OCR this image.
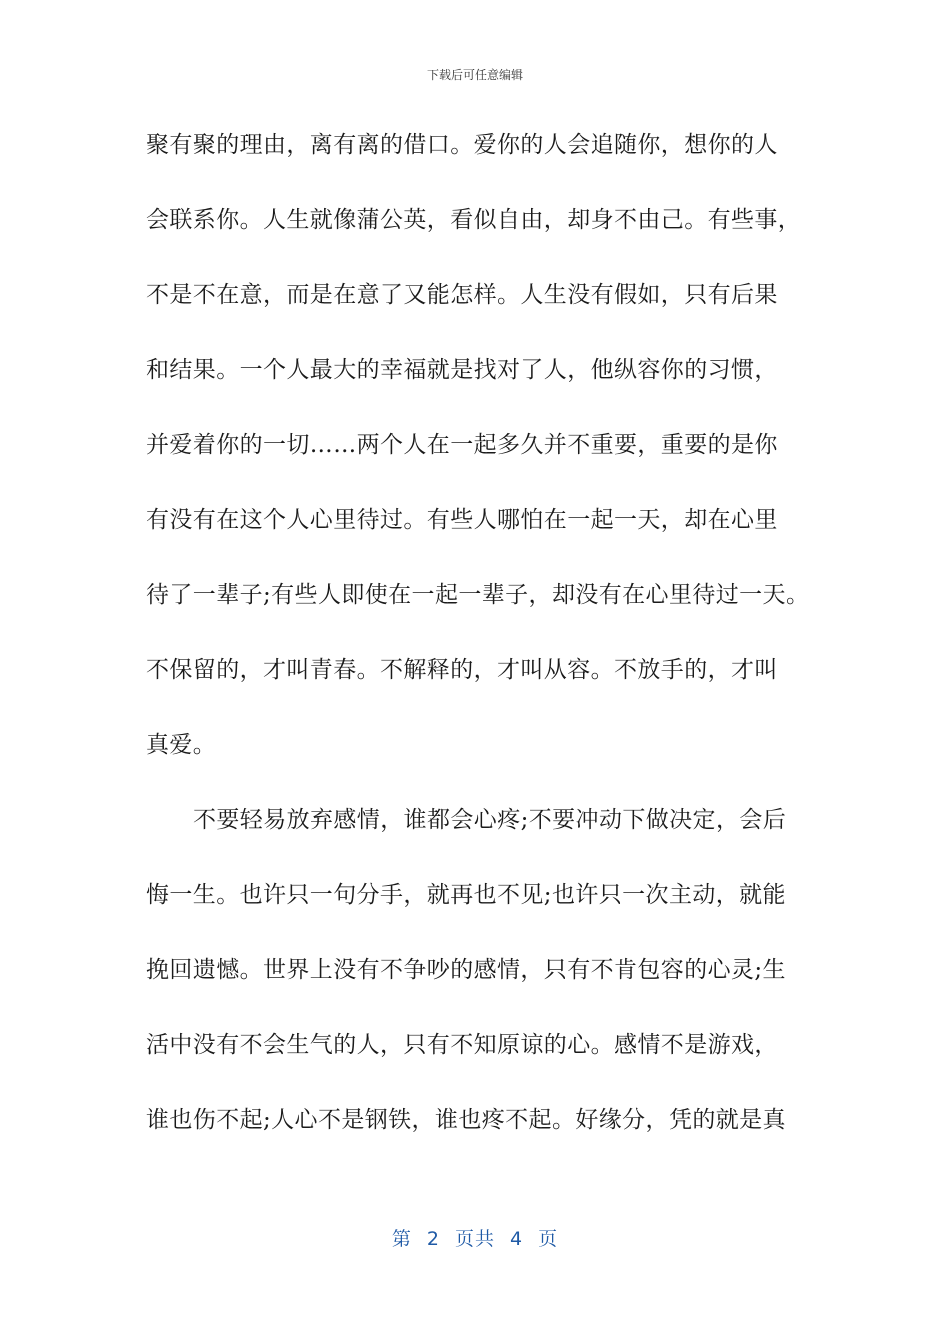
下载后可任意编辑
聚有聚的理由，离有离的借口。爱你的人会追随你，想你的人
会联系你。人生就像蒲公英，看似自由，却身不由己。有些事，
不是不在意，而是在意了又能怎样。人生没有假如，只有后果
和结果。一个人最大的幸福就是找对了人，他纵容你的习惯，
并爱着你的一切……两个人在一起多久并不重要，重要的是你
有没有在这个人心里待过。有些人哪怕在一起一天，却在心里
待了一辈子;有些人即使在一起一辈子，却没有在心里待过一天。
不保留的，才叫青春。不解释的，才叫从容。不放手的，才叫
真爱。
不要轻易放弃感情，谁都会心疼;不要冲动下做决定，会后
悔一生。也许只一句分手，就再也不见;也许只一次主动，就能
挽回遗憾。世界上没有不争吵的感情，只有不肯包容的心灵;生
活中没有不会生气的人，只有不知原谅的心。感情不是游戏，
谁也伤不起;人心不是钢铁，谁也疼不起。好缘分，凭的就是真
第 2 页共 4 页
